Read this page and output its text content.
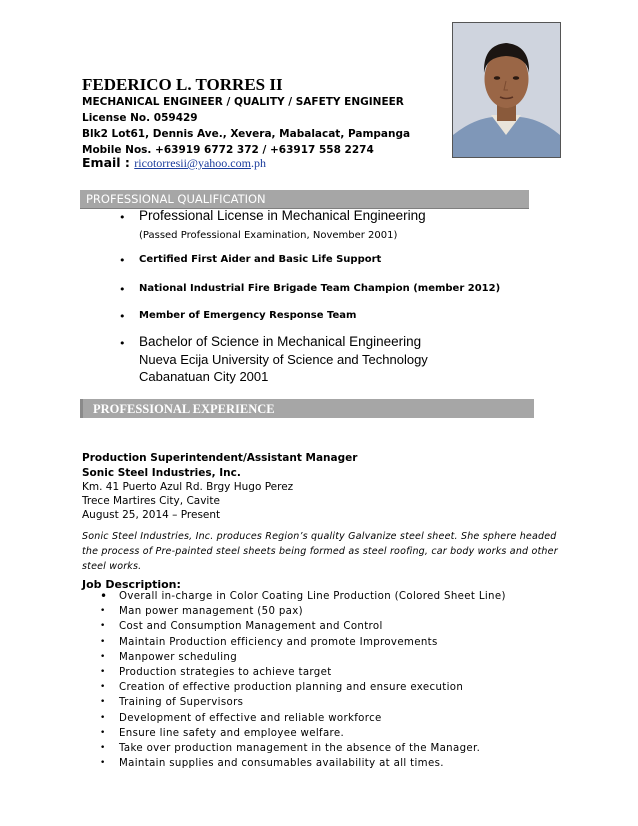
FEDERICO L. TORRES II
MECHANICAL ENGINEER / QUALITY / SAFETY ENGINEER
License No. 059429
Blk2 Lot61, Dennis Ave., Xevera, Mabalacat, Pampanga
Mobile Nos. +63919 6772 372 / +63917 558 2274
Email : ricotorresii@yahoo.com.ph
PROFESSIONAL QUALIFICATION
• Professional License in Mechanical Engineering
(Passed Professional Examination, November 2001)
• Certified First Aider and Basic Life Support
• National Industrial Fire Brigade Team Champion (member 2012)
• Member of Emergency Response Team
• Bachelor of Science in Mechanical Engineering
Nueva Ecija University of Science and Technology
Cabanatuan City 2001
PROFESSIONAL EXPERIENCE
Production Superintendent/Assistant Manager
Sonic Steel Industries, Inc.
Km. 41 Puerto Azul Rd. Brgy Hugo Perez
Trece Martires City, Cavite
August 25, 2014 – Present
Sonic Steel Industries, Inc. produces Region’s quality Galvanize steel sheet. She sphere headed the process of Pre-painted steel sheets being formed as steel roofing, car body works and other steel works.
Job Description:
• Overall in-charge in Color Coating Line Production (Colored Sheet Line)
• Man power management (50 pax)
• Cost and Consumption Management and Control
• Maintain Production efficiency and promote Improvements
• Manpower scheduling
• Production strategies to achieve target
• Creation of effective production planning and ensure execution
• Training of Supervisors
• Development of effective and reliable workforce
• Ensure line safety and employee welfare.
• Take over production management in the absence of the Manager.
• Maintain supplies and consumables availability at all times.
